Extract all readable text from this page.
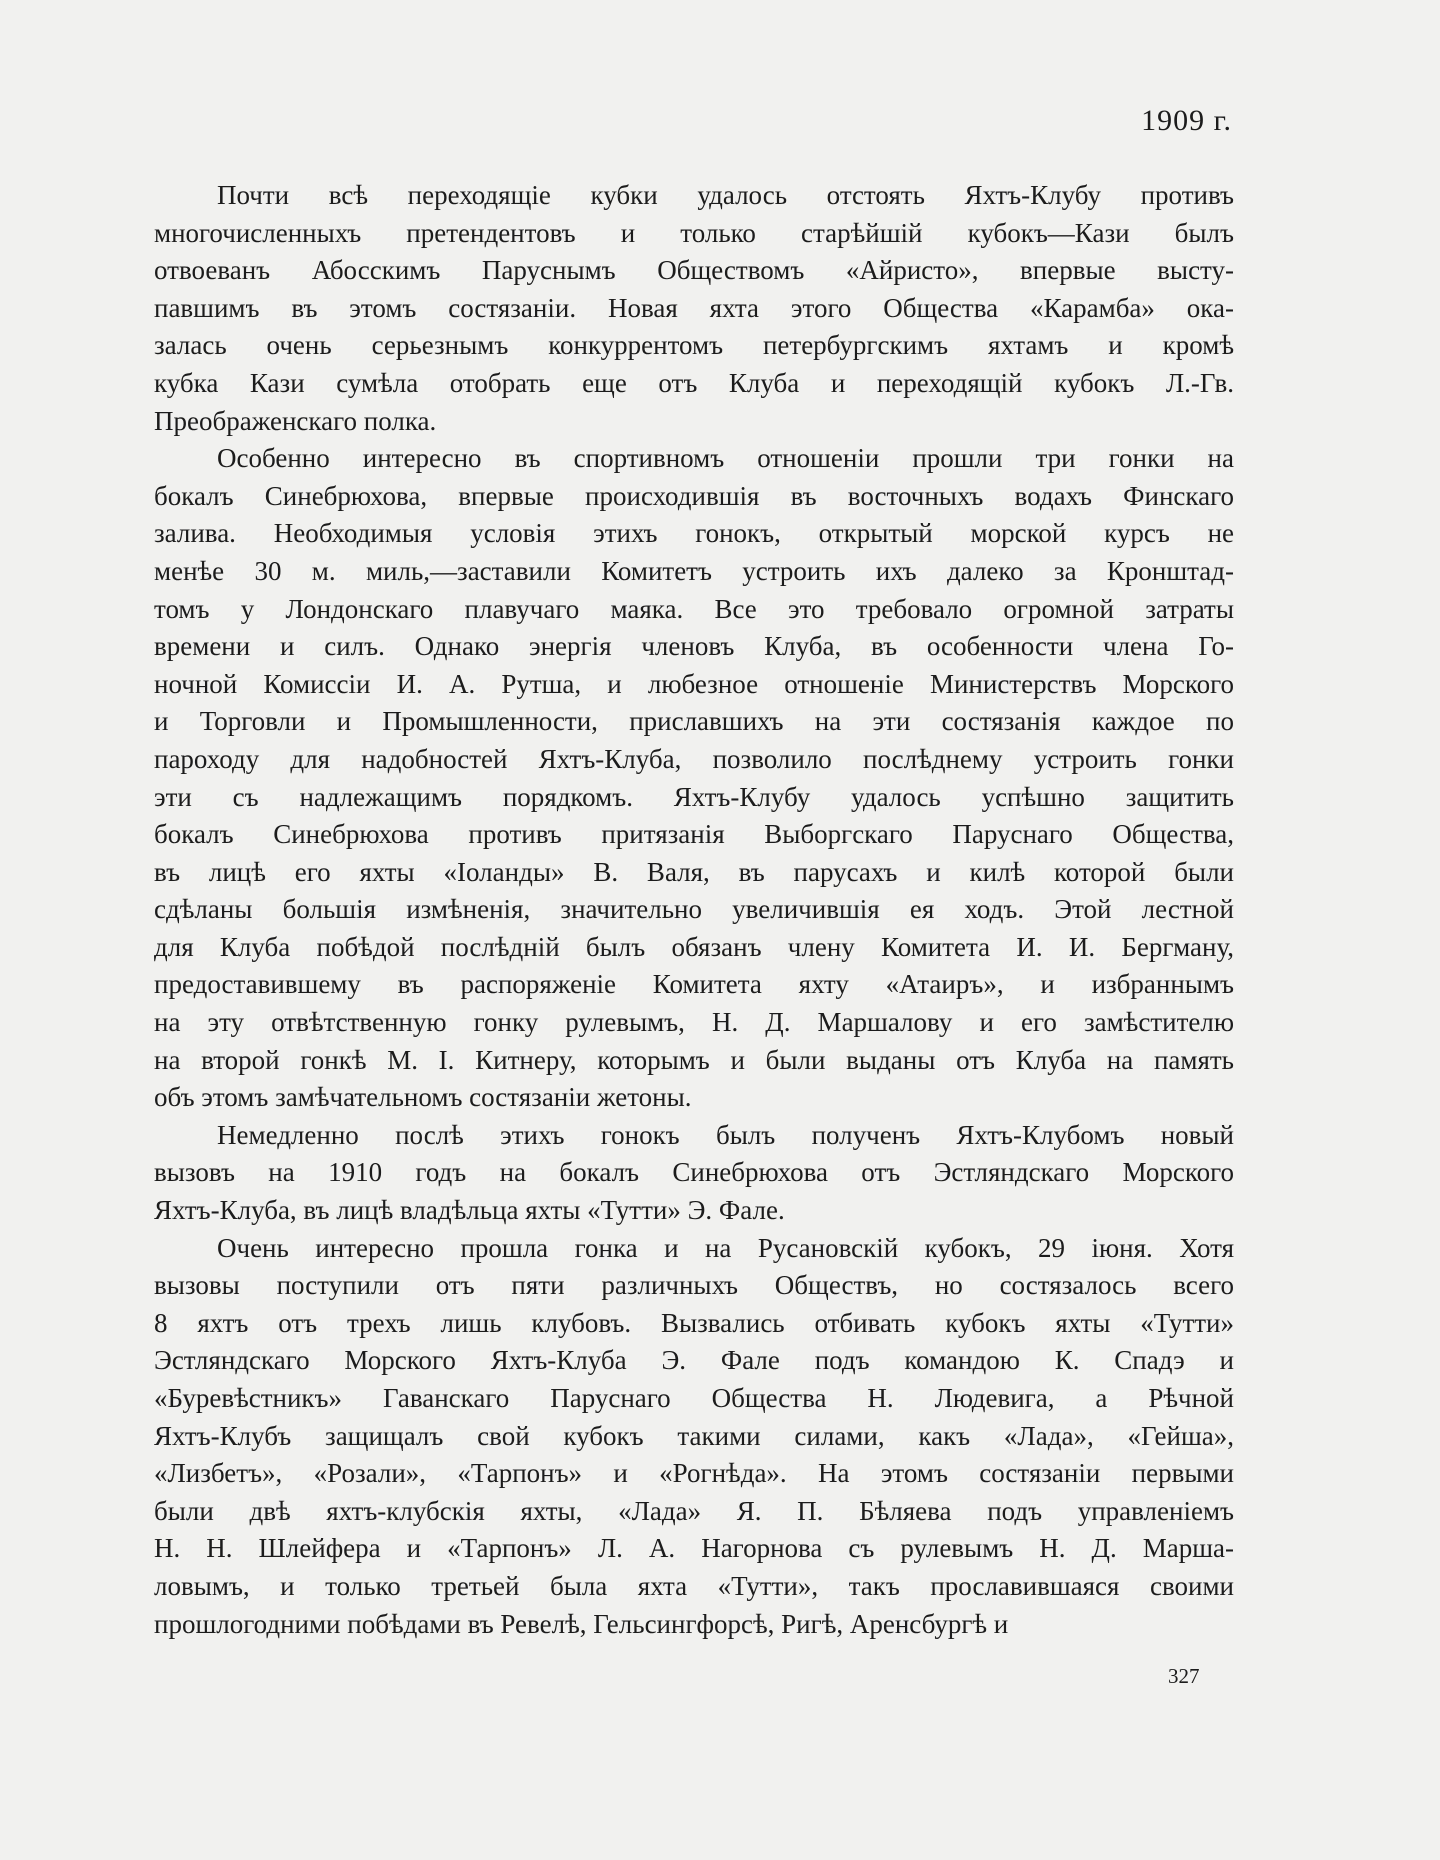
1909 г.
Почти всѣ переходящіе кубки удалось отстоять Яхтъ-Клубу противъ
многочисленныхъ претендентовъ и только старѣйшій кубокъ—Кази былъ
отвоеванъ Абосскимъ Паруснымъ Обществомъ «Айристо», впервые высту-
павшимъ въ этомъ состязаніи. Новая яхта этого Общества «Карамба» ока-
залась очень серьезнымъ конкуррентомъ петербургскимъ яхтамъ и кромѣ
кубка Кази сумѣла отобрать еще отъ Клуба и переходящій кубокъ Л.-Гв.
Преображенскаго полка.
Особенно интересно въ спортивномъ отношеніи прошли три гонки на
бокалъ Синебрюхова, впервые происходившія въ восточныхъ водахъ Финскаго
залива. Необходимыя условія этихъ гонокъ, открытый морской курсъ не
менѣе 30 м. миль,—заставили Комитетъ устроить ихъ далеко за Кронштад-
томъ у Лондонскаго плавучаго маяка. Все это требовало огромной затраты
времени и силъ. Однако энергія членовъ Клуба, въ особенности члена Го-
ночной Комиссіи И. А. Рутша, и любезное отношеніе Министерствъ Морского
и Торговли и Промышленности, приславшихъ на эти состязанія каждое по
пароходу для надобностей Яхтъ-Клуба, позволило послѣднему устроить гонки
эти съ надлежащимъ порядкомъ. Яхтъ-Клубу удалось успѣшно защитить
бокалъ Синебрюхова противъ притязанія Выборгскаго Паруснаго Общества,
въ лицѣ его яхты «Іоланды» В. Валя, въ парусахъ и килѣ которой были
сдѣланы большія измѣненія, значительно увеличившія ея ходъ. Этой лестной
для Клуба побѣдой послѣдній былъ обязанъ члену Комитета И. И. Бергману,
предоставившему въ распоряженіе Комитета яхту «Атаиръ», и избраннымъ
на эту отвѣтственную гонку рулевымъ, Н. Д. Маршалову и его замѣстителю
на второй гонкѣ М. І. Китнеру, которымъ и были выданы отъ Клуба на память
объ этомъ замѣчательномъ состязаніи жетоны.
Немедленно послѣ этихъ гонокъ былъ полученъ Яхтъ-Клубомъ новый
вызовъ на 1910 годъ на бокалъ Синебрюхова отъ Эстляндскаго Морского
Яхтъ-Клуба, въ лицѣ владѣльца яхты «Тутти» Э. Фале.
Очень интересно прошла гонка и на Русановскій кубокъ, 29 іюня. Хотя
вызовы поступили отъ пяти различныхъ Обществъ, но состязалось всего
8 яхтъ отъ трехъ лишь клубовъ. Вызвались отбивать кубокъ яхты «Тутти»
Эстляндскаго Морского Яхтъ-Клуба Э. Фале подъ командою К. Спадэ и
«Буревѣстникъ» Гаванскаго Паруснаго Общества Н. Людевига, а Рѣчной
Яхтъ-Клубъ защищалъ свой кубокъ такими силами, какъ «Лада», «Гейша»,
«Лизбетъ», «Розали», «Тарпонъ» и «Рогнѣда». На этомъ состязаніи первыми
были двѣ яхтъ-клубскія яхты, «Лада» Я. П. Бѣляева подъ управленіемъ
Н. Н. Шлейфера и «Тарпонъ» Л. А. Нагорнова съ рулевымъ Н. Д. Марша-
ловымъ, и только третьей была яхта «Тутти», такъ прославившаяся своими
прошлогодними побѣдами въ Ревелѣ, Гельсингфорсѣ, Ригѣ, Аренсбургѣ и
327
